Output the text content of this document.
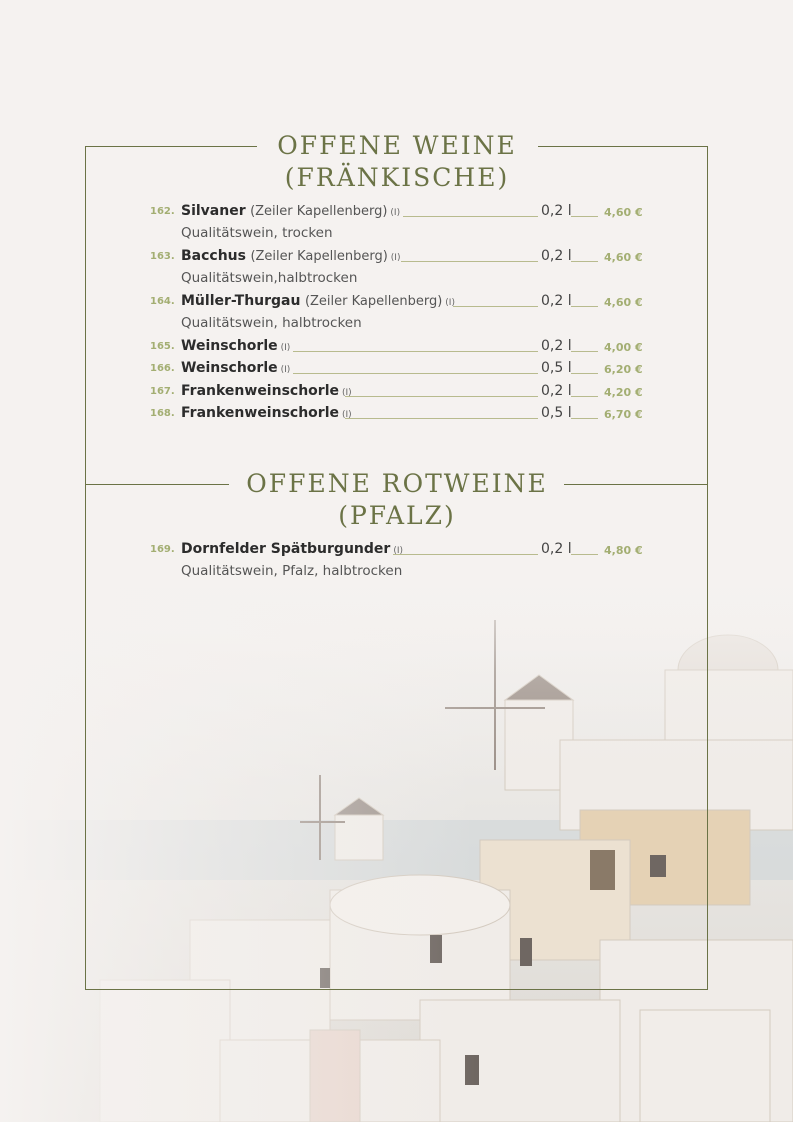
OFFENE WEINE
(FRÄNKISCHE)
162. Silvaner (Zeiler Kapellenberg) (I)	0,2 l	4,60 €
Qualitätswein, trocken
163. Bacchus (Zeiler Kapellenberg) (I)	0,2 l	4,60 €
Qualitätswein,halbtrocken
164. Müller-Thurgau (Zeiler Kapellenberg) (I)	0,2 l	4,60 €
Qualitätswein, halbtrocken
165. Weinschorle (I)	0,2 l	4,00 €
166. Weinschorle (I)	0,5 l	6,20 €
167. Frankenweinschorle (I)	0,2 l	4,20 €
168. Frankenweinschorle (I)	0,5 l	6,70 €
OFFENE ROTWEINE
(PFALZ)
169. Dornfelder Spätburgunder (I)	0,2 l	4,80 €
Qualitätswein, Pfalz, halbtrocken
